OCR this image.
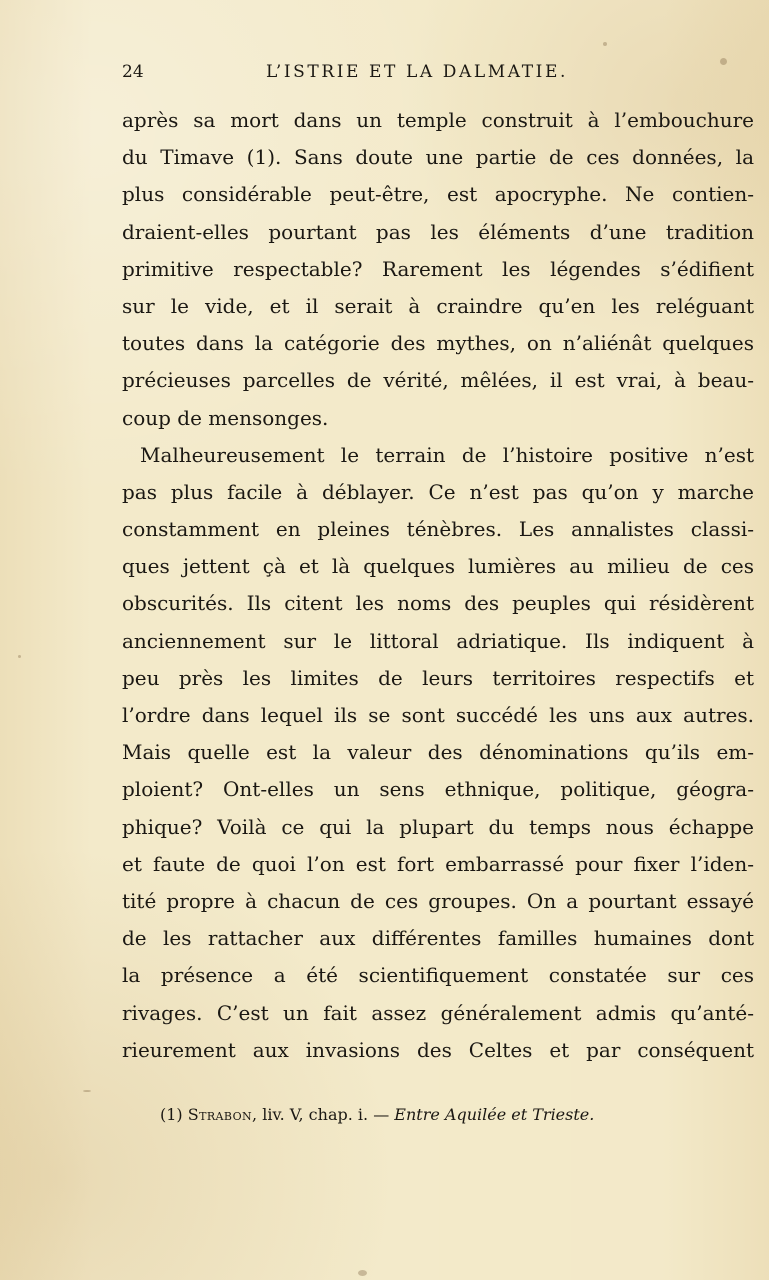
24	L’ISTRIE ET LA DALMATIE.
après sa mort dans un temple construit à l’embouchure
du Timave (1). Sans doute une partie de ces données, la
plus considérable peut-être, est apocryphe. Ne contien-
draient-elles pourtant pas les éléments d’une tradition
primitive respectable? Rarement les légendes s’édifient
sur le vide, et il serait à craindre qu’en les reléguant
toutes dans la catégorie des mythes, on n’aliénât quelques
précieuses parcelles de vérité, mêlées, il est vrai, à beau-
coup de mensonges.
Malheureusement le terrain de l’histoire positive n’est
pas plus facile à déblayer. Ce n’est pas qu’on y marche
constamment en pleines ténèbres. Les annalistes classi-
ques jettent çà et là quelques lumières au milieu de ces
obscurités. Ils citent les noms des peuples qui résidèrent
anciennement sur le littoral adriatique. Ils indiquent à
peu près les limites de leurs territoires respectifs et
l’ordre dans lequel ils se sont succédé les uns aux autres.
Mais quelle est la valeur des dénominations qu’ils em-
ploient? Ont-elles un sens ethnique, politique, géogra-
phique? Voilà ce qui la plupart du temps nous échappe
et faute de quoi l’on est fort embarrassé pour fixer l’iden-
tité propre à chacun de ces groupes. On a pourtant essayé
de les rattacher aux différentes familles humaines dont
la présence a été scientifiquement constatée sur ces
rivages. C’est un fait assez généralement admis qu’anté-
rieurement aux invasions des Celtes et par conséquent
(1) Strabon, liv. V, chap. i. — Entre Aquilée et Trieste.
